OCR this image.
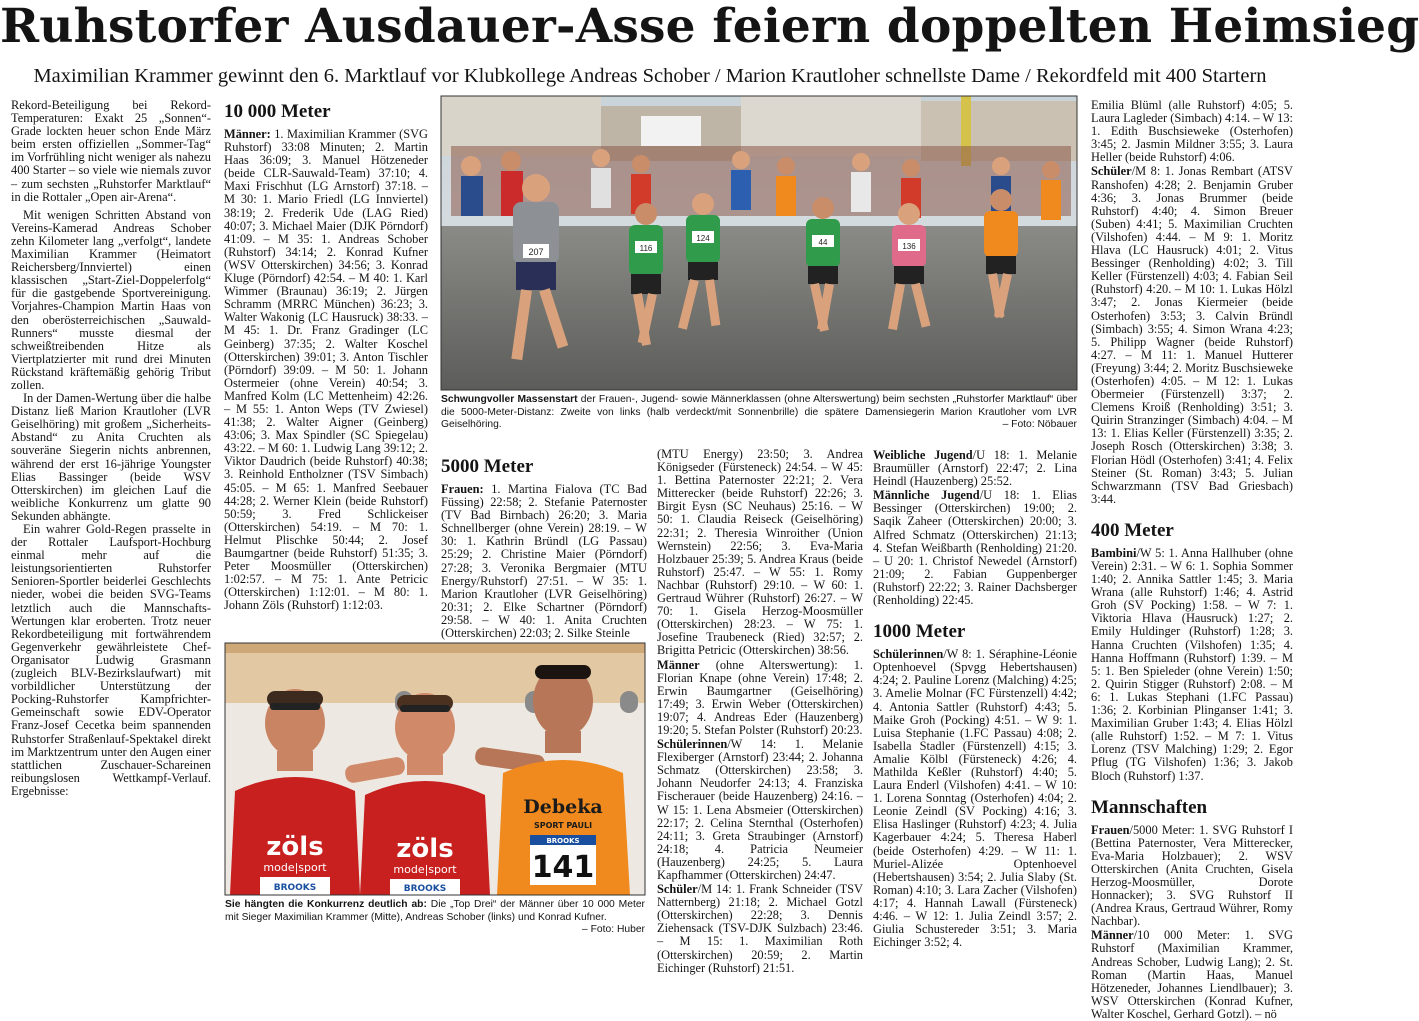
Ruhstorfer Ausdauer-Asse feiern doppelten Heimsieg
Maximilian Krammer gewinnt den 6. Marktlauf vor Klubkollege Andreas Schober / Marion Krautloher schnellste Dame / Rekordfeld mit 400 Startern

Rekord-Beteiligung bei Rekord-Temperaturen: Exakt 25 „Sonnen“-Grade lockten heuer schon Ende März beim ersten offiziellen „Sommer-Tag“ im Vorfrühling nicht weniger als nahezu 400 Starter – so viele wie niemals zuvor – zum sechsten „Ruhstorfer Marktlauf“ in die Rottaler „Open air-Arena“.

Mit wenigen Schritten Abstand von Vereins-Kamerad Andreas Schober zehn Kilometer lang „verfolgt“, landete Maximilian Krammer (Heimatort Reichersberg/Innviertel) einen klassischen „Start-Ziel-Doppelerfolg“ für die gastgebende Sportvereinigung. Vorjahres-Champion Martin Haas von den oberösterreichischen „Sauwald-Runners“ musste diesmal der schweißtreibenden Hitze als Viertplatzierter mit rund drei Minuten Rückstand kräftemäßig gehörig Tribut zollen.

In der Damen-Wertung über die halbe Distanz ließ Marion Krautloher (LVR Geiselhöring) mit großem „Sicherheits-Abstand“ zu Anita Cruchten als souveräne Siegerin nichts anbrennen, während der erst 16-jährige Youngster Elias Bassinger (beide WSV Otterskirchen) im gleichen Lauf die weibliche Konkurrenz um glatte 90 Sekunden abhängte.

Ein wahrer Gold-Regen prasselte in der Rottaler Laufsport-Hochburg einmal mehr auf die leistungsorientierten Ruhstorfer Senioren-Sportler beiderlei Geschlechts nieder, wobei die beiden SVG-Teams letztlich auch die Mannschafts-Wertungen klar eroberten. Trotz neuer Rekordbeteiligung mit fortwährendem Gegenverkehr gewährleistete Chef-Organisator Ludwig Grasmann (zugleich BLV-Bezirkslaufwart) mit vorbildlicher Unterstützung der Pocking-Ruhstorfer Kampfrichter-Gemeinschaft sowie EDV-Operator Franz-Josef Cecetka beim spannenden Ruhstorfer Straßenlauf-Spektakel direkt im Marktzentrum unter den Augen einer stattlichen Zuschauer-Schareinen reibungslosen Wettkampf-Verlauf. Ergebnisse:

10 000 Meter

Männer: 1. Maximilian Krammer (SVG Ruhstorf) 33:08 Minuten; 2. Martin Haas 36:09; 3. Manuel Hötzeneder (beide CLR-Sauwald-Team) 37:10; 4. Maxi Frischhut (LG Arnstorf) 37:18. – M 30: 1. Mario Friedl (LG Innviertel) 38:19; 2. Frederik Ude (LAG Ried) 40:07; 3. Michael Maier (DJK Pörndorf) 41:09. – M 35: 1. Andreas Schober (Ruhstorf) 34:14; 2. Konrad Kufner (WSV Otterskirchen) 34:56; 3. Konrad Kluge (Pörndorf) 42:54. – M 40: 1. Karl Wimmer (Braunau) 36:19; 2. Jürgen Schramm (MRRC München) 36:23; 3. Walter Wakonig (LC Hausruck) 38:33. – M 45: 1. Dr. Franz Gradinger (LC Geinberg) 37:35; 2. Walter Koschel (Otterskirchen) 39:01; 3. Anton Tischler (Pörndorf) 39:09. – M 50: 1. Johann Ostermeier (ohne Verein) 40:54; 3. Manfred Kolm (LC Mettenheim) 42:26. – M 55: 1. Anton Weps (TV Zwiesel) 41:38; 2. Walter Aigner (Geinberg) 43:06; 3. Max Spindler (SC Spiegelau) 43:22. – M 60: 1. Ludwig Lang 39:12; 2. Viktor Daudrich (beide Ruhstorf) 40:38; 3. Reinhold Entholzner (TSV Simbach) 45:05. – M 65: 1. Manfred Seebauer 44:28; 2. Werner Klein (beide Ruhstorf) 50:59; 3. Fred Schlickeiser (Otterskirchen) 54:19. – M 70: 1. Helmut Plischke 50:44; 2. Josef Baumgartner (beide Ruhstorf) 51:35; 3. Peter Moosmüller (Otterskirchen) 1:02:57. – M 75: 1. Ante Petricic (Otterskirchen) 1:12:01. – M 80: 1. Johann Zöls (Ruhstorf) 1:12:03.

207	116
124	44	136
Schwungvoller Massenstart der Frauen-, Jugend- sowie Männerklassen (ohne Alterswertung) beim sechsten „Ruhstorfer Marktlauf“ über die 5000-Meter-Distanz: Zweite von links (halb verdeckt/mit Sonnenbrille) die spätere Damensiegerin Marion Krautloher vom LVR Geiselhöring.	– Foto: Nöbauer
5000 Meter

Frauen: 1. Martina Fialova (TC Bad Füssing) 22:58; 2. Stefanie Paternoster (TV Bad Birnbach) 26:20; 3. Maria Schnellberger (ohne Verein) 28:19. – W 30: 1. Kathrin Bründl (LG Passau) 25:29; 2. Christine Maier (Pörndorf) 27:28; 3. Veronika Bergmaier (MTU Energy/Ruhstorf) 27:51. – W 35: 1. Marion Krautloher (LVR Geiselhöring) 20:31; 2. Elke Schartner (Pörndorf) 29:58. – W 40: 1. Anita Cruchten (Otterskirchen) 22:03; 2. Silke Steinle

(MTU Energy) 23:50; 3. Andrea Königseder (Fürsteneck) 24:54. – W 45: 1. Bettina Paternoster 22:21; 2. Vera Mitterecker (beide Ruhstorf) 22:26; 3. Birgit Eysn (SC Neuhaus) 25:16. – W 50: 1. Claudia Reiseck (Geiselhöring) 22:31; 2. Theresia Winroither (Union Wernstein) 22:56; 3. Eva-Maria Holzbauer 25:39; 5. Andrea Kraus (beide Ruhstorf) 25:47. – W 55: 1. Romy Nachbar (Ruhstorf) 29:10. – W 60: 1. Gertraud Wührer (Ruhstorf) 26:27. – W 70: 1. Gisela Herzog-Moosmüller (Otterskirchen) 28:23. – W 75: 1. Josefine Traubeneck (Ried) 32:57; 2. Brigitta Petricic (Otterskirchen) 38:56.

Männer (ohne Alterswertung): 1. Florian Knape (ohne Verein) 17:48; 2. Erwin Baumgartner (Geiselhöring) 17:49; 3. Erwin Weber (Otterskirchen) 19:07; 4. Andreas Eder (Hauzenberg) 19:20; 5. Stefan Polster (Ruhstorf) 20:23.

Schülerinnen/W 14: 1. Melanie Flexiberger (Arnstorf) 23:44; 2. Johanna Schmatz (Otterskirchen) 23:58; 3. Johann Neudorfer 24:13; 4. Franziska Fischerauer (beide Hauzenberg) 24:16. – W 15: 1. Lena Absmeier (Otterskirchen) 22:17; 2. Celina Sternthal (Osterhofen) 24:11; 3. Greta Straubinger (Arnstorf) 24:18; 4. Patricia Neumeier (Hauzenberg) 24:25; 5. Laura Kapfhammer (Otterskirchen) 24:47.

Schüler/M 14: 1. Frank Schneider (TSV Natternberg) 21:18; 2. Michael Gotzl (Otterskirchen) 22:28; 3. Dennis Ziehensack (TSV-DJK Sulzbach) 23:46. – M 15: 1. Maximilian Roth (Otterskirchen) 20:59; 2. Martin Eichinger (Ruhstorf) 21:51.

Weibliche Jugend/U 18: 1. Melanie Braumüller (Arnstorf) 22:47; 2. Lina Heindl (Hauzenberg) 25:52.

Männliche Jugend/U 18: 1. Elias Bessinger (Otterskirchen) 19:00; 2. Saqik Zaheer (Otterskirchen) 20:00; 3. Alfred Schmatz (Otterskirchen) 21:13; 4. Stefan Weißbarth (Renholding) 21:20. – U 20: 1. Christof Newedel (Arnstorf) 21:09; 2. Fabian Guppenberger (Ruhstorf) 22:22; 3. Rainer Dachsberger (Renholding) 22:45.

1000 Meter

Schülerinnen/W 8: 1. Séraphine-Léonie Optenhoevel (Spvgg Hebertshausen) 4:24; 2. Pauline Lorenz (Malching) 4:25; 3. Amelie Molnar (FC Fürstenzell) 4:42; 4. Antonia Sattler (Ruhstorf) 4:43; 5. Maike Groh (Pocking) 4:51. – W 9: 1. Luisa Stephanie (1.FC Passau) 4:08; 2. Isabella Stadler (Fürstenzell) 4:15; 3. Amalie Kölbl (Fürsteneck) 4:26; 4. Mathilda Keßler (Ruhstorf) 4:40; 5. Laura Enderl (Vilshofen) 4:41. – W 10: 1. Lorena Sonntag (Osterhofen) 4:04; 2. Leonie Zeindl (SV Pocking) 4:16; 3. Elisa Haslinger (Ruhstorf) 4:23; 4. Julia Kagerbauer 4:24; 5. Theresa Haberl (beide Osterhofen) 4:29. – W 11: 1. Muriel-Alizée Optenhoevel (Hebertshausen) 3:54; 2. Julia Slaby (St. Roman) 4:10; 3. Lara Zacher (Vilshofen) 4:17; 4. Hannah Lawall (Fürsteneck) 4:46. – W 12: 1. Julia Zeindl 3:57; 2. Giulia Schustereder 3:51; 3. Maria Eichinger 3:52; 4.

zöls
mode|sport
BROOKS
zöls
mode|sport
BROOKS
Debeka
SPORT PAULI
BROOKS
141
Sie hängten die Konkurrenz deutlich ab: Die „Top Drei“ der Männer über 10 000 Meter mit Sieger Maximilian Krammer (Mitte), Andreas Schober (links) und Konrad Kufner.
– Foto: Huber

Emilia Blüml (alle Ruhstorf) 4:05; 5. Laura Lagleder (Simbach) 4:14. – W 13: 1. Edith Buschsieweke (Osterhofen) 3:45; 2. Jasmin Mildner 3:55; 3. Laura Heller (beide Ruhstorf) 4:06.

Schüler/M 8: 1. Jonas Rembart (ATSV Ranshofen) 4:28; 2. Benjamin Gruber 4:36; 3. Jonas Brummer (beide Ruhstorf) 4:40; 4. Simon Breuer (Suben) 4:41; 5. Maximilian Cruchten (Vilshofen) 4:44. – M 9: 1. Moritz Hlava (LC Hausruck) 4:01; 2. Vitus Bessinger (Renholding) 4:02; 3. Till Keller (Fürstenzell) 4:03; 4. Fabian Seil (Ruhstorf) 4:20. – M 10: 1. Lukas Hölzl 3:47; 2. Jonas Kiermeier (beide Osterhofen) 3:53; 3. Calvin Bründl (Simbach) 3:55; 4. Simon Wrana 4:23; 5. Philipp Wagner (beide Ruhstorf) 4:27. – M 11: 1. Manuel Hutterer (Freyung) 3:44; 2. Moritz Buschsieweke (Osterhofen) 4:05. – M 12: 1. Lukas Obermeier (Fürstenzell) 3:37; 2. Clemens Kroiß (Renholding) 3:51; 3. Quirin Stranzinger (Simbach) 4:04. – M 13: 1. Elias Keller (Fürstenzell) 3:35; 2. Joseph Rosch (Otterskirchen) 3:38; 3. Florian Hödl (Osterhofen) 3:41; 4. Felix Steiner (St. Roman) 3:43; 5. Julian Schwarzmann (TSV Bad Griesbach) 3:44.

400 Meter

Bambini/W 5: 1. Anna Hallhuber (ohne Verein) 2:31. – W 6: 1. Sophia Sommer 1:40; 2. Annika Sattler 1:45; 3. Maria Wrana (alle Ruhstorf) 1:46; 4. Astrid Groh (SV Pocking) 1:58. – W 7: 1. Viktoria Hlava (Hausruck) 1:27; 2. Emily Huldinger (Ruhstorf) 1:28; 3. Hanna Cruchten (Vilshofen) 1:35; 4. Hanna Hoffmann (Ruhstorf) 1:39. – M 5: 1. Ben Spieleder (ohne Verein) 1:50; 2. Quirin Stigger (Ruhstorf) 2:08. – M 6: 1. Lukas Stephani (1.FC Passau) 1:36; 2. Korbinian Plinganser 1:41; 3. Maximilian Gruber 1:43; 4. Elias Hölzl (alle Ruhstorf) 1:52. – M 7: 1. Vitus Lorenz (TSV Malching) 1:29; 2. Egor Pflug (TG Vilshofen) 1:36; 3. Jakob Bloch (Ruhstorf) 1:37.

Mannschaften

Frauen/5000 Meter: 1. SVG Ruhstorf I (Bettina Paternoster, Vera Mitterecker, Eva-Maria Holzbauer); 2. WSV Otterskirchen (Anita Cruchten, Gisela Herzog-Moosmüller, Dorote Honnacker); 3. SVG Ruhstorf II (Andrea Kraus, Gertraud Wührer, Romy Nachbar).

Männer/10 000 Meter: 1. SVG Ruhstorf (Maximilian Krammer, Andreas Schober, Ludwig Lang); 2. St. Roman (Martin Haas, Manuel Hötzeneder, Johannes Liendlbauer); 3. WSV Otterskirchen (Konrad Kufner, Walter Koschel, Gerhard Gotzl). – nö
